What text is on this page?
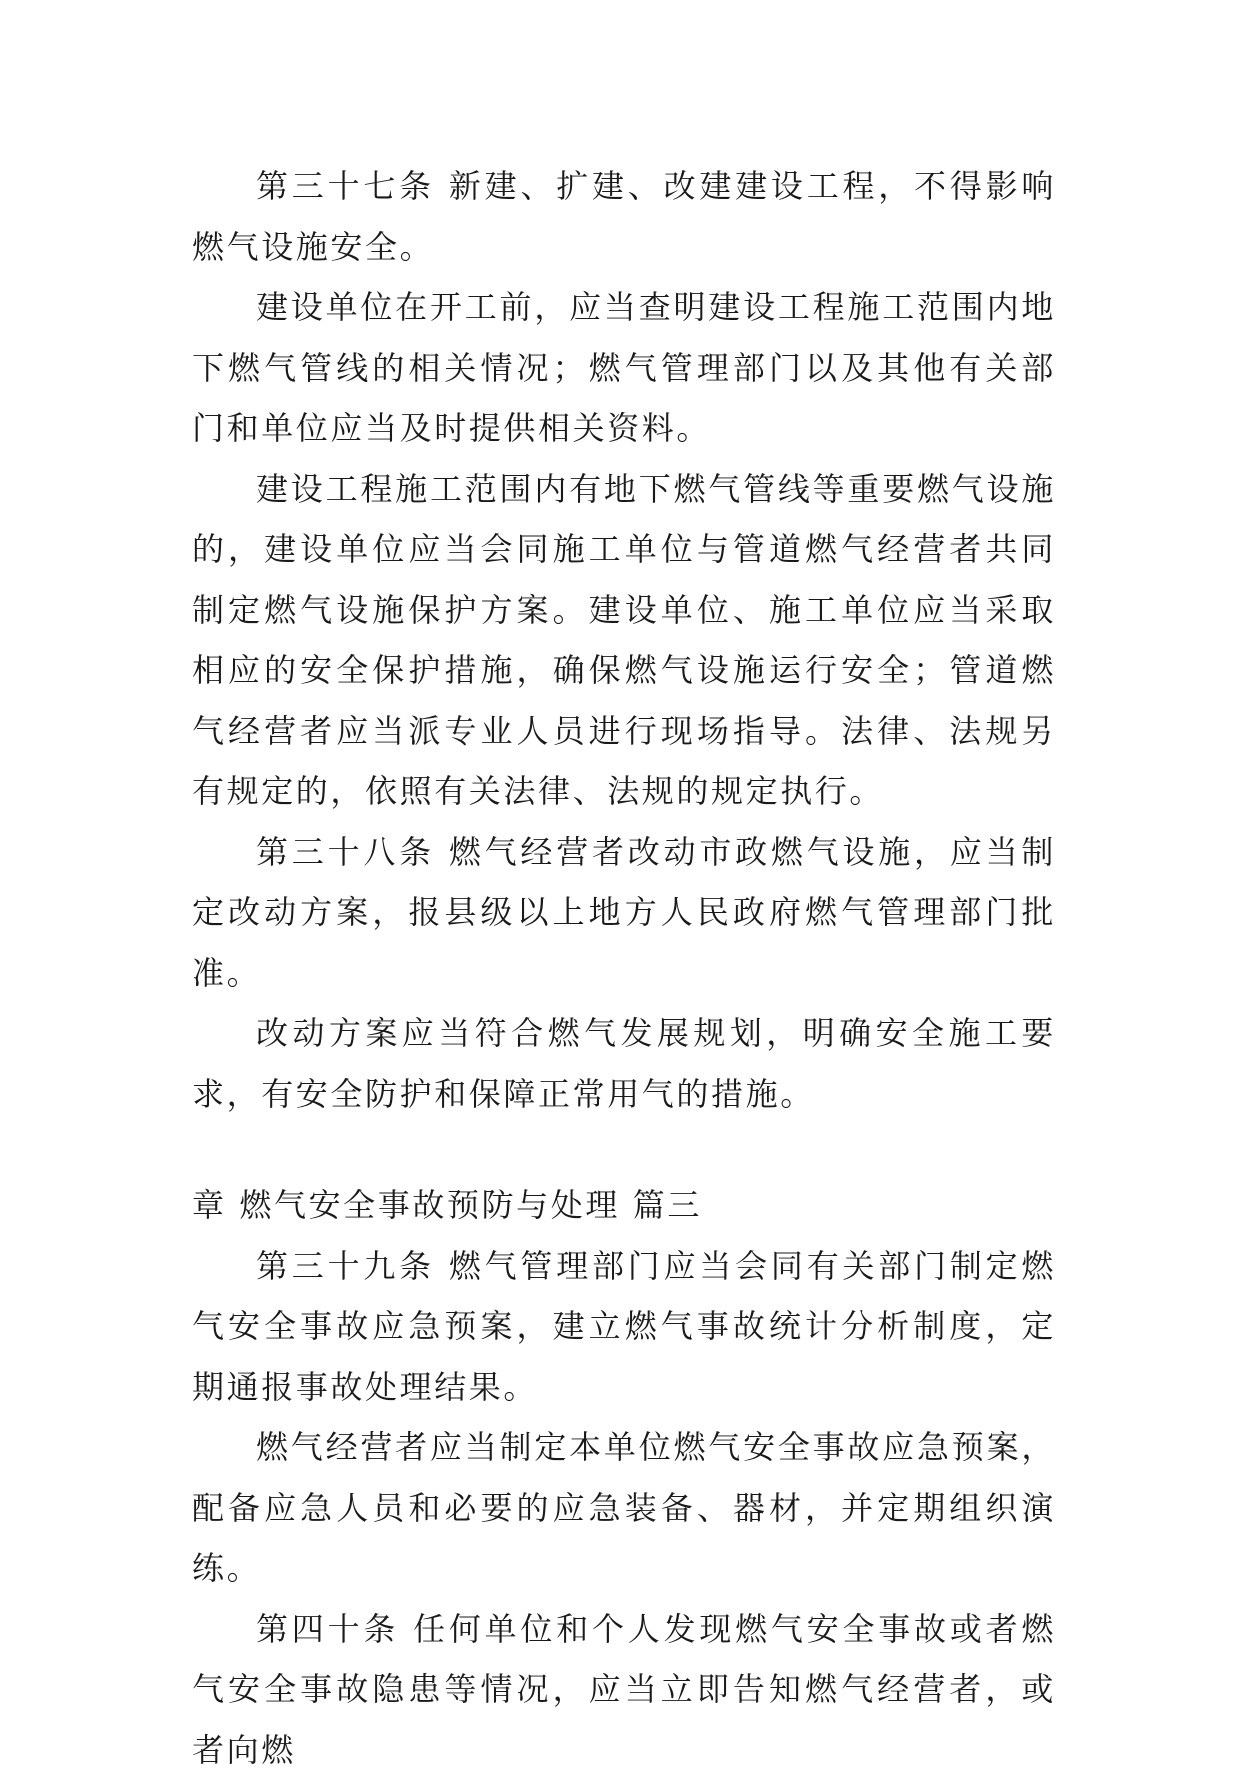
第三十七条 新建、扩建、改建建设工程，不得影响燃气设施安全。

建设单位在开工前，应当查明建设工程施工范围内地下燃气管线的相关情况；燃气管理部门以及其他有关部门和单位应当及时提供相关资料。

建设工程施工范围内有地下燃气管线等重要燃气设施的，建设单位应当会同施工单位与管道燃气经营者共同制定燃气设施保护方案。建设单位、施工单位应当采取相应的安全保护措施，确保燃气设施运行安全；管道燃气经营者应当派专业人员进行现场指导。法律、法规另有规定的，依照有关法律、法规的规定执行。

第三十八条 燃气经营者改动市政燃气设施，应当制定改动方案，报县级以上地方人民政府燃气管理部门批准。

改动方案应当符合燃气发展规划，明确安全施工要求，有安全防护和保障正常用气的措施。

章 燃气安全事故预防与处理 篇三

第三十九条 燃气管理部门应当会同有关部门制定燃气安全事故应急预案，建立燃气事故统计分析制度，定期通报事故处理结果。

燃气经营者应当制定本单位燃气安全事故应急预案，配备应急人员和必要的应急装备、器材，并定期组织演练。

第四十条 任何单位和个人发现燃气安全事故或者燃气安全事故隐患等情况，应当立即告知燃气经营者，或者向燃
